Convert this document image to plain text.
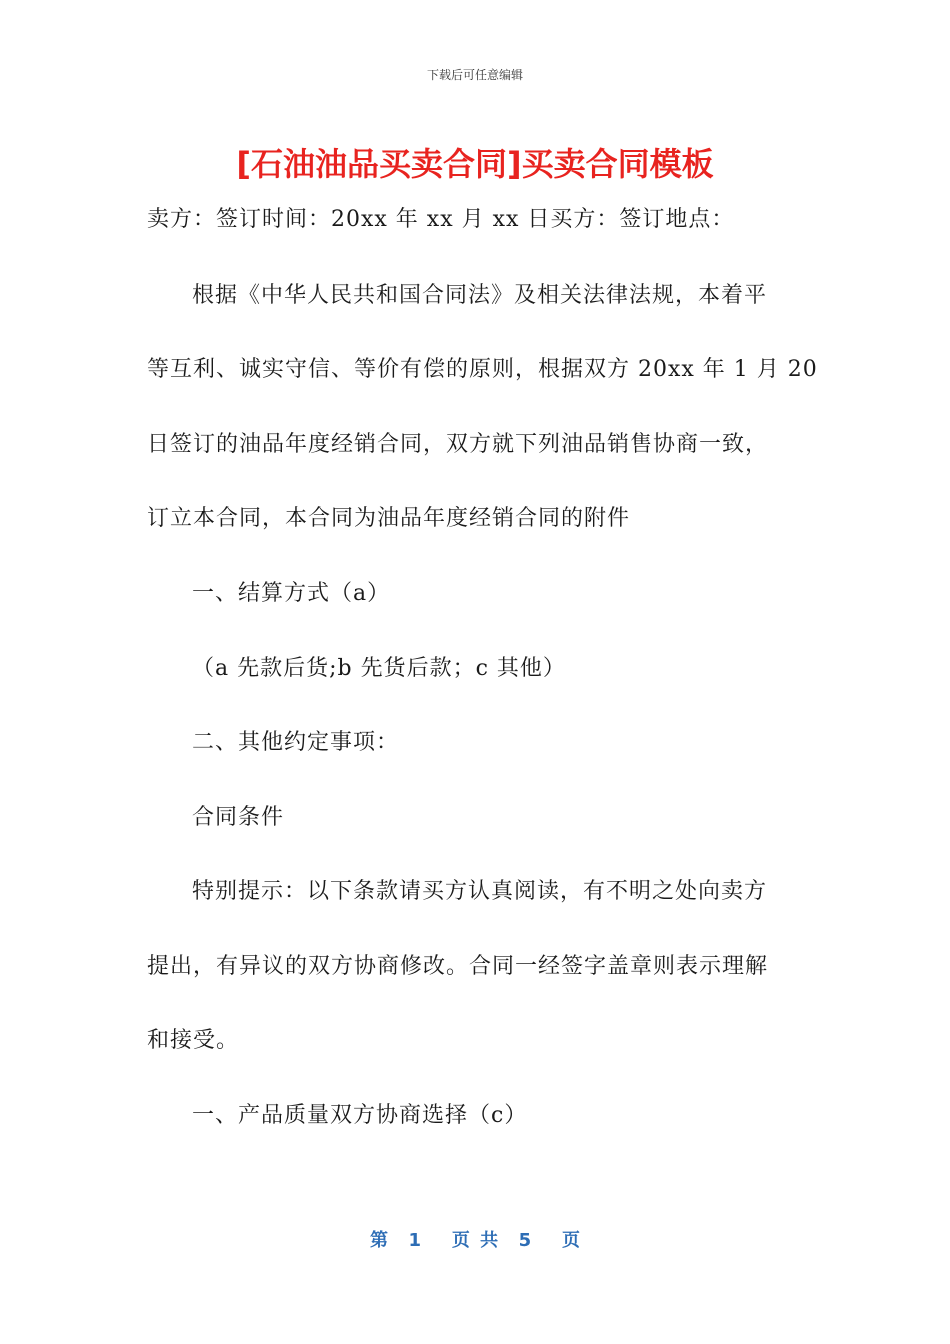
下载后可任意编辑
[石油油品买卖合同]买卖合同模板
卖方：签订时间：20xx 年 xx 月 xx 日买方：签订地点：
根据《中华人民共和国合同法》及相关法律法规，本着平
等互利、诚实守信、等价有偿的原则，根据双方 20xx 年 1 月 20
日签订的油品年度经销合同，双方就下列油品销售协商一致，
订立本合同，本合同为油品年度经销合同的附件
一、结算方式（a）
（a 先款后货;b 先货后款；c 其他）
二、其他约定事项：
合同条件
特别提示：以下条款请买方认真阅读，有不明之处向卖方
提出，有异议的双方协商修改。合同一经签字盖章则表示理解
和接受。
一、产品质量双方协商选择（c）
第  1   页 共  5   页
